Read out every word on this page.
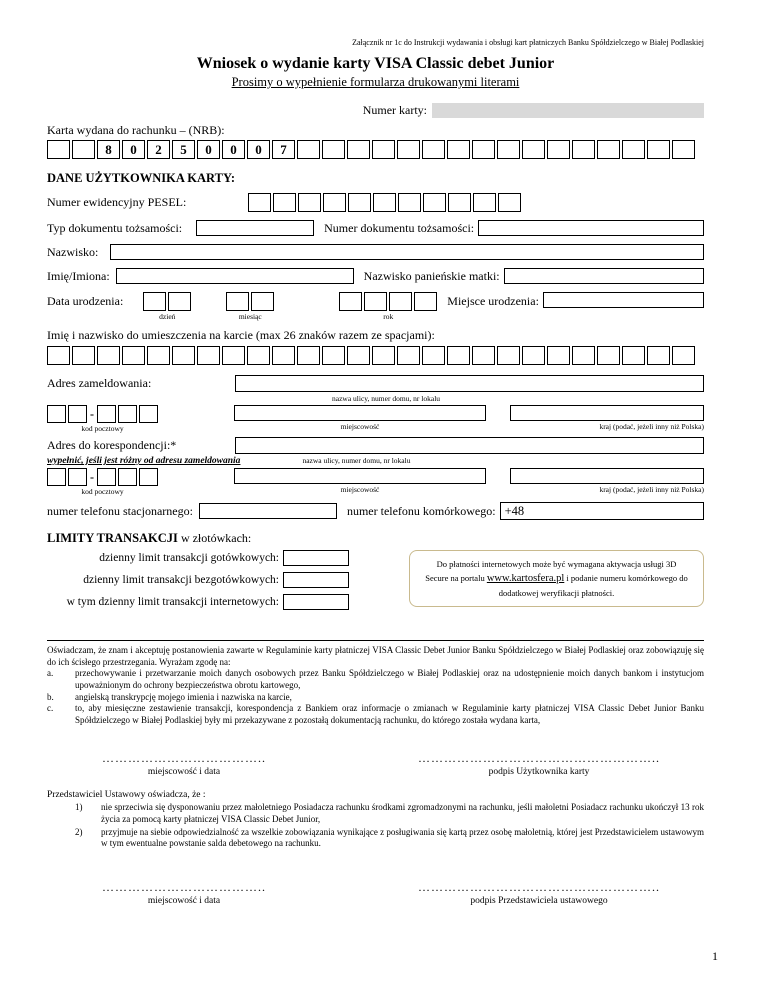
Załącznik nr 1c do Instrukcji wydawania i obsługi kart płatniczych Banku Spółdzielczego w Białej Podlaskiej
Wniosek o wydanie karty VISA Classic debet Junior
Prosimy o wypełnienie formularza drukowanymi literami
Numer karty:
Karta wydana do rachunku – (NRB):
8	0	2	5	0	0	0	7
DANE UŻYTKOWNIKA KARTY:
Numer ewidencyjny PESEL:
Typ dokumentu tożsamości:	Numer dokumentu tożsamości:
Nazwisko:
Imię/Imiona:	Nazwisko panieńskie matki:
Data urodzenia:
dzień	miesiąc	rok
Miejsce urodzenia:
Imię i nazwisko do umieszczenia na karcie (max 26 znaków razem ze spacjami):
Adres zameldowania:
nazwa ulicy, numer domu, nr lokalu
-
kod pocztowy	miejscowość	kraj (podać, jeżeli inny niż Polska)
Adres do korespondencji:*
wypełnić, jeśli jest różny od adresu zameldowania	nazwa ulicy, numer domu, nr lokalu
-
kod pocztowy	miejscowość	kraj (podać, jeżeli inny niż Polska)
numer telefonu stacjonarnego:	numer telefonu komórkowego: +48
LIMITY TRANSAKCJI w złotówkach:
dzienny limit transakcji gotówkowych:
dzienny limit transakcji bezgotówkowych:
w tym dzienny limit transakcji internetowych:
Do płatności internetowych może być wymagana aktywacja usługi 3D Secure na portalu www.kartosfera.pl i podanie numeru komórkowego do dodatkowej weryfikacji płatności.
Oświadczam, że znam i akceptuję postanowienia zawarte w Regulaminie karty płatniczej VISA Classic Debet Junior Banku Spółdzielczego w Białej Podlaskiej oraz zobowiązuję się do ich ścisłego przestrzegania. Wyrażam zgodę na:
a.	przechowywanie i przetwarzanie moich danych osobowych przez Banku Spółdzielczego w Białej Podlaskiej oraz na udostępnienie moich danych bankom i instytucjom upoważnionym do ochrony bezpieczeństwa obrotu kartowego,
b.	angielską transkrypcję mojego imienia i nazwiska na karcie,
c.	to, aby miesięczne zestawienie transakcji, korespondencja z Bankiem oraz informacje o zmianach w Regulaminie karty płatniczej VISA Classic Debet Junior Banku Spółdzielczego w Białej Podlaskiej były mi przekazywane z pozostałą dokumentacją rachunku, do którego została wydana karta,
………………………………..
miejscowość i data
………………………………………………..
podpis Użytkownika karty
Przedstawiciel Ustawowy oświadcza, że :
1)	nie sprzeciwia się dysponowaniu przez małoletniego Posiadacza rachunku środkami zgromadzonymi na rachunku, jeśli małoletni Posiadacz rachunku ukończył 13 rok życia za pomocą karty płatniczej VISA Classic Debet Junior,
2)	przyjmuje na siebie odpowiedzialność za wszelkie zobowiązania wynikające z posługiwania się kartą przez osobę małoletnią, której jest Przedstawicielem ustawowym w tym ewentualne powstanie salda debetowego na rachunku.
………………………………..
miejscowość i data
………………………………………………..
podpis Przedstawiciela ustawowego
1
